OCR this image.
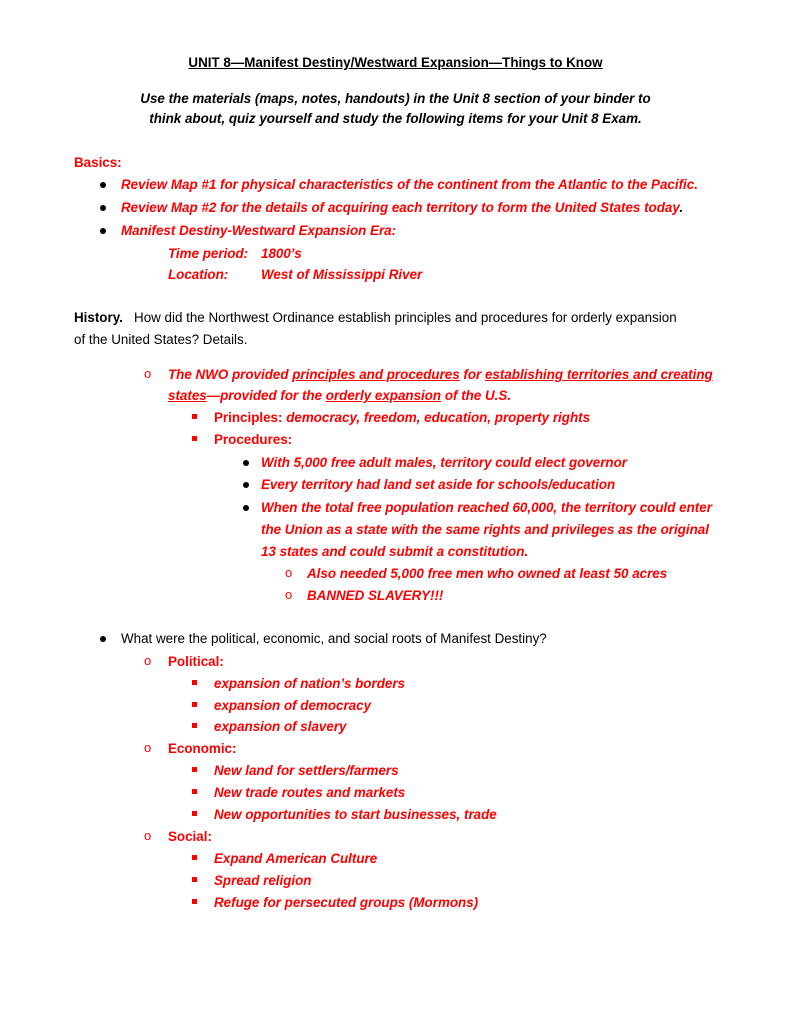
UNIT 8—Manifest Destiny/Westward Expansion—Things to Know
Use the materials (maps, notes, handouts) in the Unit 8 section of your binder to
think about, quiz yourself and study the following items for your Unit 8 Exam.
Basics:
Review Map #1 for physical characteristics of the continent from the Atlantic to the Pacific.
Review Map #2 for the details of acquiring each territory to form the United States today.
Manifest Destiny-Westward Expansion Era:
Time period: 1800’s
Location: West of Mississippi River
History. How did the Northwest Ordinance establish principles and procedures for orderly expansion
of the United States? Details.
o The NWO provided principles and procedures for establishing territories and creating
states—provided for the orderly expansion of the U.S.
Principles: democracy, freedom, education, property rights
Procedures:
With 5,000 free adult males, territory could elect governor
Every territory had land set aside for schools/education
When the total free population reached 60,000, the territory could enter
the Union as a state with the same rights and privileges as the original
13 states and could submit a constitution.
o Also needed 5,000 free men who owned at least 50 acres
o BANNED SLAVERY!!!
What were the political, economic, and social roots of Manifest Destiny?
o Political:
expansion of nation’s borders
expansion of democracy
expansion of slavery
o Economic:
New land for settlers/farmers
New trade routes and markets
New opportunities to start businesses, trade
o Social:
Expand American Culture
Spread religion
Refuge for persecuted groups (Mormons)
